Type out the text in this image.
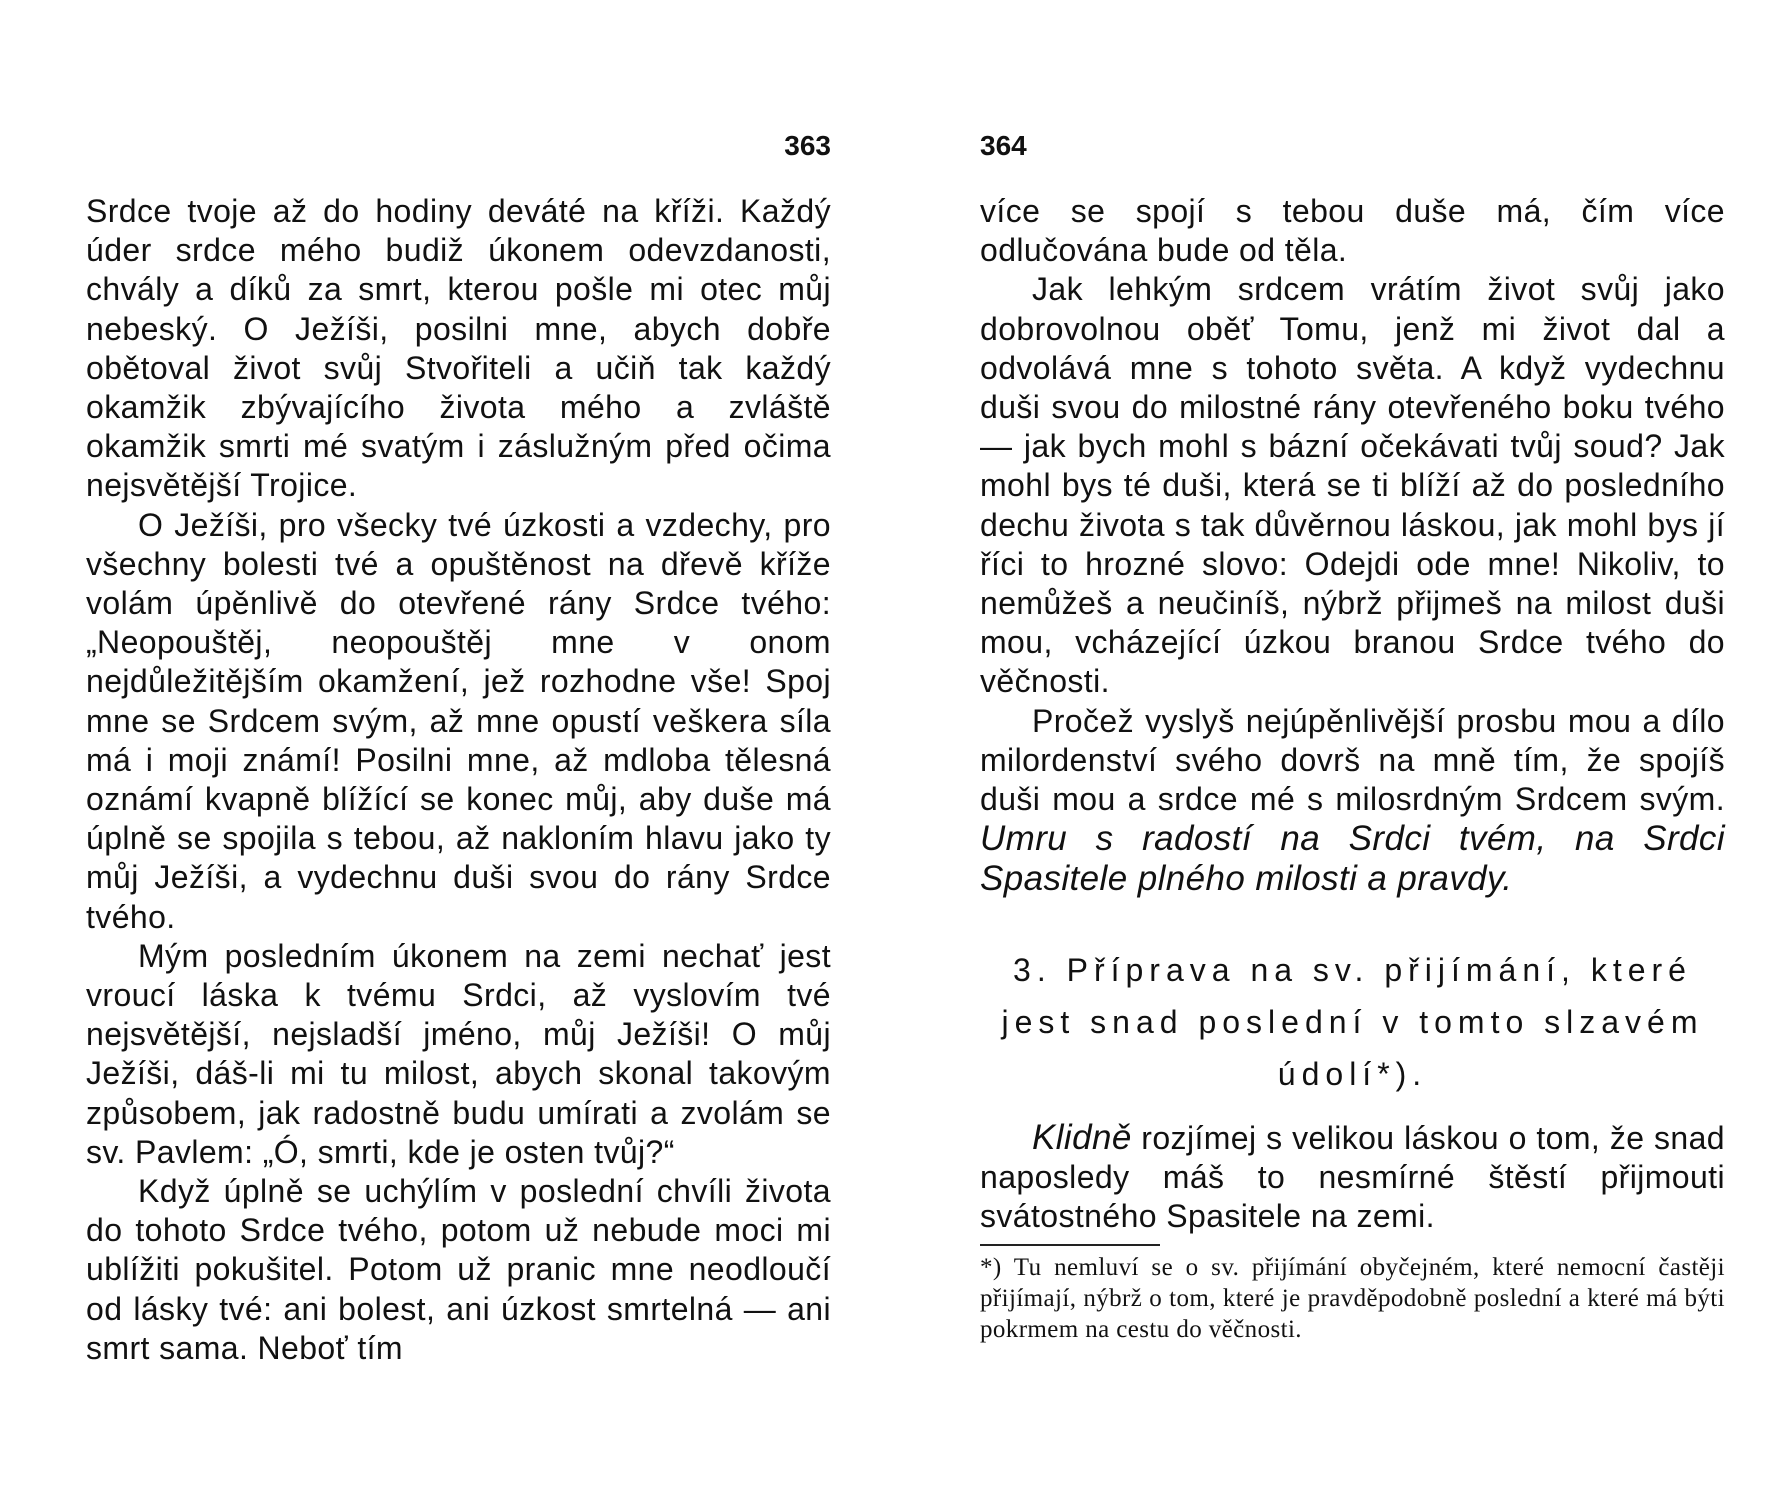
363

Srdce tvoje až do hodiny deváté na kříži. Každý úder srdce mého budiž úkonem odevzdanosti, chvály a díků za smrt, kterou pošle mi otec můj nebeský. O Ježíši, posilni mne, abych dobře obětoval život svůj Stvořiteli a učiň tak každý okamžik zbývajícího života mého a zvláště okamžik smrti mé svatým i záslužným před očima nejsvětější Trojice.

O Ježíši, pro všecky tvé úzkosti a vzdechy, pro všechny bolesti tvé a opuštěnost na dřevě kříže volám úpěnlivě do otevřené rány Srdce tvého: „Neopouštěj, neopouštěj mne v onom nejdůležitějším okamžení, jež rozhodne vše! Spoj mne se Srdcem svým, až mne opustí veškera síla má i moji známí! Posilni mne, až mdloba tělesná oznámí kvapně blížící se konec můj, aby duše má úplně se spojila s tebou, až nakloním hlavu jako ty můj Ježíši, a vydechnu duši svou do rány Srdce tvého.

Mým posledním úkonem na zemi nechať jest vroucí láska k tvému Srdci, až vyslovím tvé nejsvětější, nejsladší jméno, můj Ježíši! O můj Ježíši, dáš-li mi tu milost, abych skonal takovým způsobem, jak radostně budu umírati a zvolám se sv. Pavlem: „Ó, smrti, kde je osten tvůj?“

Když úplně se uchýlím v poslední chvíli života do tohoto Srdce tvého, potom už nebude moci mi ublížiti pokušitel. Potom už pranic mne neodloučí od lásky tvé: ani bolest, ani úzkost smrtelná — ani smrt sama. Neboť tím

364

více se spojí s tebou duše má, čím více odlučována bude od těla.

Jak lehkým srdcem vrátím život svůj jako dobrovolnou oběť Tomu, jenž mi život dal a odvolává mne s tohoto světa. A když vydechnu duši svou do milostné rány otevřeného boku tvého — jak bych mohl s bázní očekávati tvůj soud? Jak mohl bys té duši, která se ti blíží až do posledního dechu života s tak důvěrnou láskou, jak mohl bys jí říci to hrozné slovo: Odejdi ode mne! Nikoliv, to nemůžeš a neučiníš, nýbrž přijmeš na milost duši mou, vcházející úzkou branou Srdce tvého do věčnosti.

Pročež vyslyš nejúpěnlivější prosbu mou a dílo milordenství svého dovrš na mně tím, že spojíš duši mou a srdce mé s milosrdným Srdcem svým. Umru s radostí na Srdci tvém, na Srdci Spasitele plného milosti a pravdy.

3. Příprava na sv. přijímání, které jest snad poslední v tomto slzavém údolí*).

Klidně rozjímej s velikou láskou o tom, že snad naposledy máš to nesmírné štěstí přijmouti svátostného Spasitele na zemi.

*) Tu nemluví se o sv. přijímání obyčejném, které nemocní častěji přijímají, nýbrž o tom, které je pravděpodobně poslední a které má býti pokrmem na cestu do věčnosti.
